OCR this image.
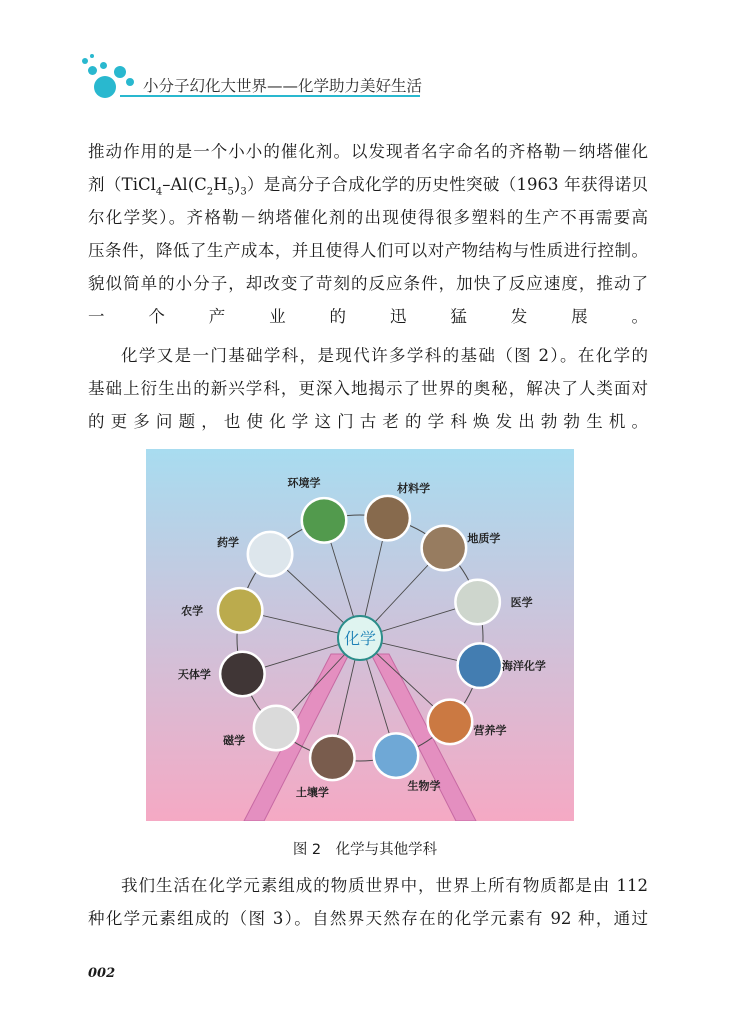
小分子幻化大世界——化学助力美好生活
推动作用的是一个小小的催化剂。以发现者名字命名的齐格勒－纳塔催化
剂$(TiCl_4-Al(C_2H_5)_3)$是高分子合成化学的历史性突破（1963 年获得诺贝
尔化学奖）。齐格勒－纳塔催化剂的出现使得很多塑料的生产不再需要高
压条件，降低了生产成本，并且使得人们可以对产物结构与性质进行控制。
貌似简单的小分子，却改变了苛刻的反应条件，加快了反应速度，推动了
一个产业的迅猛发展。
化学又是一门基础学科，是现代许多学科的基础（图 2）。在化学的
基础上衍生出的新兴学科，更深入地揭示了世界的奥秘，解决了人类面对
的更多问题，也使化学这门古老的学科焕发出勃勃生机。
环境学	材料学
地质学
医学
海洋化学
营养学
生物学
土壤学
磁学
天体学
农学
药学
化学
图 2　化学与其他学科
我们生活在化学元素组成的物质世界中，世界上所有物质都是由 112
种化学元素组成的（图 3）。自然界天然存在的化学元素有 92 种，通过
002
